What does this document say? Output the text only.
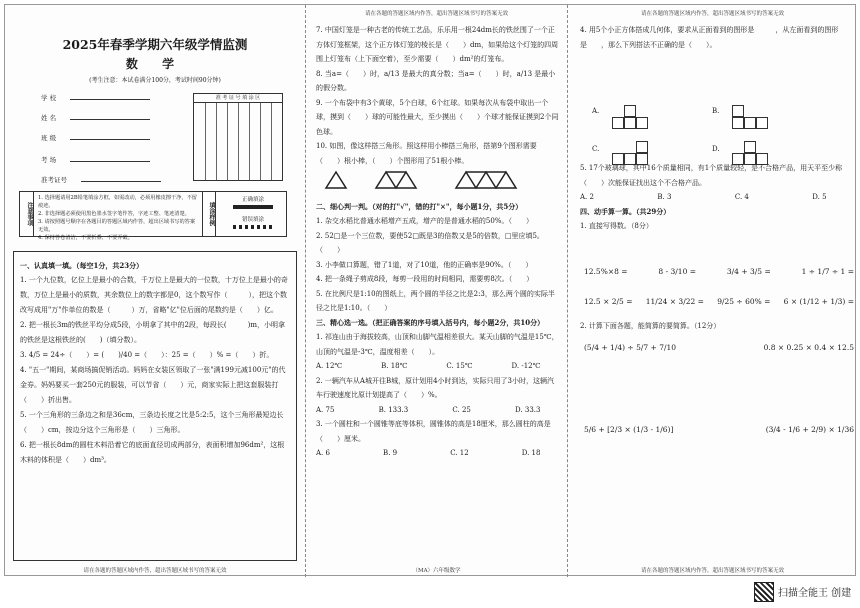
2025年春季学期六年级学情监测
数 学
(考生注意：本试卷满分100分，考试时间90分钟)
学 校
姓 名
班 级
考 场
准考证号
准 考 证 号 填 涂 区
注意事项
1. 选择题请用2B铅笔填涂方框，如需改动，必须用橡皮擦干净，不留痕迹。
2. 非选择题必须使用黑色墨水签字笔作答，字迹工整、笔迹清楚。
3. 请按照题号顺序在各题目的答题区域内作答，超出区域书写的答案无效。
4. 保持答卷清洁，不要折叠、不要弄破。
填涂样例
正确填涂
错误填涂
一、认真填一填。（每空1分，共23分）
1. 一个九位数，亿位上是最小的合数，千万位上是最大的一位数，十万位上是最小的奇数，万位上是最小的质数，其余数位上的数字都是0，这个数写作（　　　），把这个数改写成用"万"作单位的数是（　　　）万，省略"亿"位后面的尾数约是（　　）亿。
2. 把一根长3m的铁丝平均分成5段，小明拿了其中的2段，每段长(　　　)m，小明拿的铁丝是这根铁丝的(　　)（填分数）。
3. 4/5 = 24÷（　　）= (　　)/40 =（　　）：25 =（　　）% =（　　）折。
4. "五一"期间，某商场搞促销活动。妈妈在女装区领取了一张"满199元减100元"的代金券。妈妈要买一套250元的服装，可以节省（　　）元，商家实际上把这套服装打（　　）折出售。
5. 一个三角形的三条边之和是36cm，三条边长度之比是5:2:5，这个三角形最短边长（　　）cm，按边分这个三角形是（　　）三角形。
6. 把一根长8dm的圆柱木料沿着它的底面直径切成两部分，表面积增加96dm²，这根木料的体积是（　　）dm³。
请在各题的答题区域内作答，超出答题区域书写的答案无效
请在各题的答题区域内作答，超出答题区域书写的答案无效
7. 中国灯笼是一种古老的传统工艺品，乐乐用一根24dm长的铁丝围了一个正方体灯笼框架，这个正方体灯笼的棱长是（　　）dm，如果给这个灯笼的四周围上灯笼布（上下面空着），至少需要（　　）dm²的灯笼布。
8. 当a=（　　）时，a/13 是最大的真分数；当a=（　　）时，a/13 是最小的假分数。
9. 一个布袋中有3个黄球，5个白球，6个红球。如果每次从布袋中取出一个球，摸到（　　）球的可能性最大，至少摸出（　　）个球才能保证摸到2个同色球。
10. 如图，像这样搭三角形。照这样用小棒搭三角形，搭第9个图形需要（　　）根小棒，（　　）个图形用了51根小棒。
二、细心判一判。（对的打"√"，错的打"×"，每小题1分，共5分）
1. 杂交水稻比普通水稻增产五成，增产的是普通水稻的50%。（　　）
2. 52□是一个三位数，要使52□既是3的倍数又是5的倍数，□里应填5。（　　）
3. 小李做口算题，错了1道，对了10道，他的正确率是90%。（　　）
4. 把一条绳子剪成8段，每剪一段用的时间相同，需要剪8次。（　　）
5. 在比例尺是1:10的图纸上，两个圆的半径之比是2:3，那么两个圆的实际半径之比是1:10。（　　）
三、精心选一选。（把正确答案的序号填入括号内，每小题2分，共10分）
1. 祁连山由于海拔较高，山顶和山脚气温相差很大。某天山脚的气温是15℃，山顶的气温是-3℃，温度相差（　　）。
A. 12℃	B. 18℃	C. 15℃	D. -12℃
2. 一辆汽车从A城开往B城，原计划用4小时到达，实际只用了3小时，这辆汽车行驶速度比原计划提高了（　　）%。
A. 75	B. 133.3	C. 25	D. 33.3
3. 一个圆柱和一个圆锥等底等体积，圆锥体的高是18厘米，那么圆柱的高是（　　）厘米。
A. 6	B. 9	C. 12	D. 18
（MA）六年级数学
请在各题的答题区域内作答，超出答题区域书写的答案无效
4. 用5个小正方体搭成几何体，要求从正面看到的图形是　　　，从左面看到的图形是　　，那么下列搭法不正确的是（　　）。
A.	B.
C.	D.
5. 17个玻璃球，其中16个质量相同，有1个质量较轻，是不合格产品，用天平至少称（　　）次能保证找出这个不合格产品。
A. 2	B. 3	C. 4	D. 5
四、动手算一算。（共29分）
1. 直接写得数。（8分）
12.5%×8 =	8 - 3/10 =	3/4 + 3/5 =	1 ÷ 1/7 ÷ 1 =
12.5 × 2/5 = 11/24 × 3/22 = 9/25 ÷ 60% = 6 × (1/12 + 1/3) =
2. 计算下面各题，能简算的要简算。（12分）
(5/4 + 1/4) ÷ 5/7 + 7/10	0.8 × 0.25 × 0.4 × 12.5
5/6 + [2/3 × (1/3 - 1/6)]	(3/4 - 1/6 + 2/9) × 1/36
请在各题的答题区域内作答，超出答题区域书写的答案无效
扫描全能王 创建
